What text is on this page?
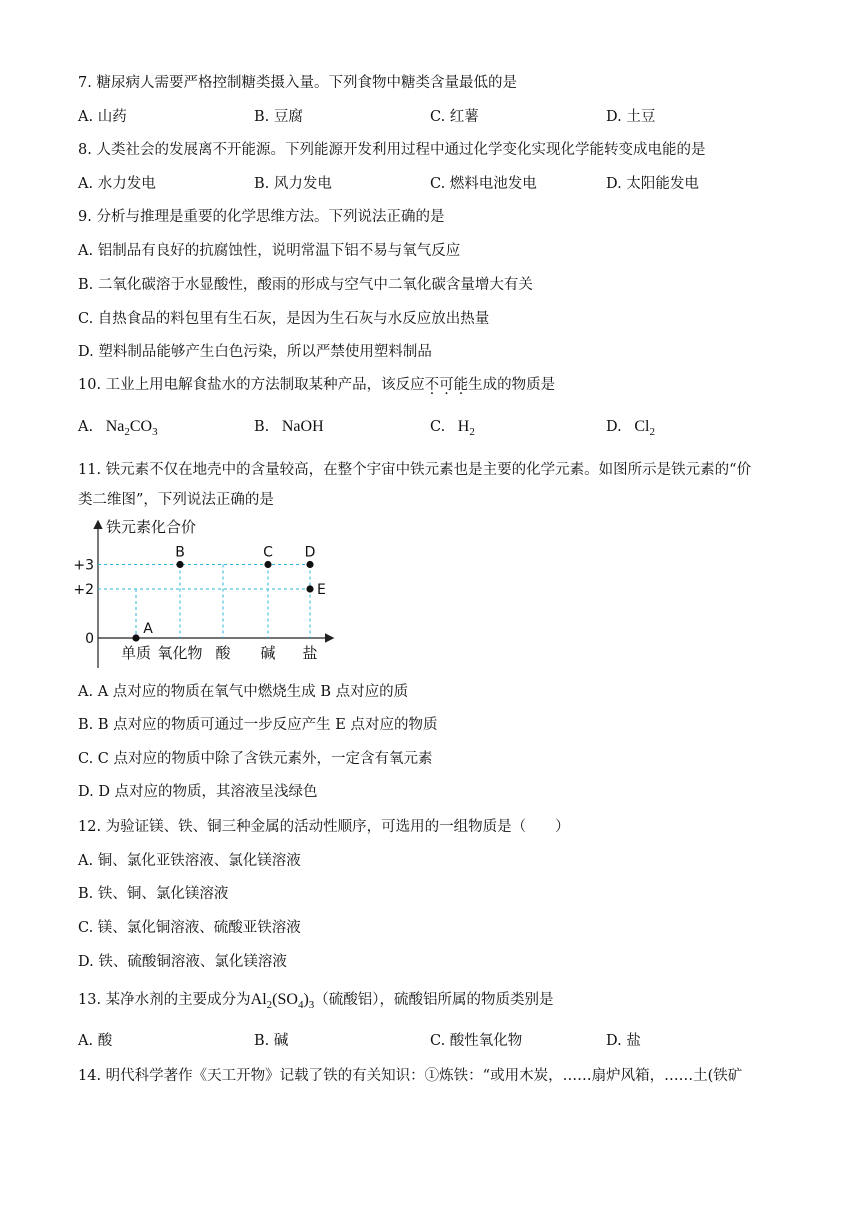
7. 糖尿病人需要严格控制糖类摄入量。下列食物中糖类含量最低的是
A. 山药	B. 豆腐	C. 红薯	D. 土豆
8. 人类社会的发展离不开能源。下列能源开发利用过程中通过化学变化实现化学能转变成电能的是
A. 水力发电	B. 风力发电	C. 燃料电池发电	D. 太阳能发电
9. 分析与推理是重要的化学思维方法。下列说法正确的是
A. 铝制品有良好的抗腐蚀性，说明常温下铝不易与氧气反应
B. 二氧化碳溶于水显酸性，酸雨的形成与空气中二氧化碳含量增大有关
C. 自热食品的料包里有生石灰，是因为生石灰与水反应放出热量
D. 塑料制品能够产生白色污染，所以严禁使用塑料制品
10. 工业上用电解食盐水的方法制取某种产品，该反应不可能生成的物质是
A. $Na_2CO_3$	B. NaOH	C. $H_2$	D. $Cl_2$
11. 铁元素不仅在地壳中的含量较高，在整个宇宙中铁元素也是主要的化学元素。如图所示是铁元素的“价
类二维图”，下列说法正确的是
铁元素化合价
+3
+2
0
单质 氧化物 酸 碱 盐
A
B	C D
E
A. A 点对应的物质在氧气中燃烧生成 B 点对应的质
B. B 点对应的物质可通过一步反应产生 E 点对应的物质
C. C 点对应的物质中除了含铁元素外，一定含有氧元素
D. D 点对应的物质，其溶液呈浅绿色
12. 为验证镁、铁、铜三种金属的活动性顺序，可选用的一组物质是（　　）
A. 铜、氯化亚铁溶液、氯化镁溶液
B. 铁、铜、氯化镁溶液
C. 镁、氯化铜溶液、硫酸亚铁溶液
D. 铁、硫酸铜溶液、氯化镁溶液
13. 某净水剂的主要成分为$Al_2(SO_4)_3$（硫酸铝），硫酸铝所属的物质类别是
A. 酸	B. 碱	C. 酸性氧化物	D. 盐
14. 明代科学著作《天工开物》记载了铁的有关知识：①炼铁：“或用木炭，……扇炉风箱，……土(铁矿
